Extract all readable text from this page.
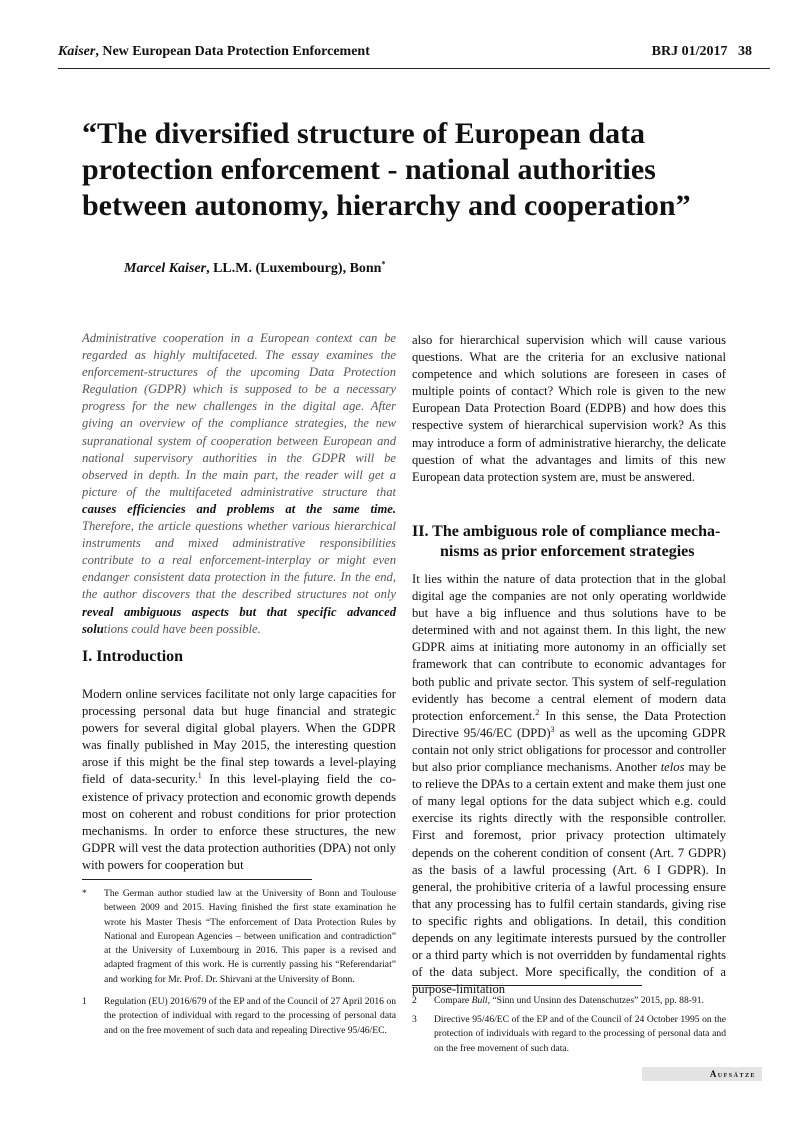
Kaiser, New European Data Protection Enforcement	BRJ 01/2017 38
“The diversified structure of European data protection enforcement - national authorities between autonomy, hierarchy and cooperation”
Marcel Kaiser, LL.M. (Luxembourg), Bonn*

Administrative cooperation in a European context can be regarded as highly multifaceted. The essay examines the enforcement-structures of the upcoming Data Protection Regulation (GDPR) which is supposed to be a necessary progress for the new challenges in the digital age. After giving an overview of the compliance strategies, the new supranational system of cooperation between European and national supervisory authorities in the GDPR will be observed in depth. In the main part, the reader will get a picture of the multifaceted administrative structure that causes efficiencies and problems at the same time. Therefore, the article questions whether various hierarchical instruments and mixed administrative responsibilities contribute to a real enforcement-interplay or might even endanger consistent data protection in the future. In the end, the author discovers that the described structures not only reveal ambiguous aspects but that specific advanced solutions could have been possible.

I. Introduction

Modern online services facilitate not only large capacities for processing personal data but huge financial and strategic powers for several digital global players. When the GDPR was finally published in May 2015, the interesting question arose if this might be the final step towards a level-playing field of data-security.$^1$ In this level-playing field the co-existence of privacy protection and economic growth depends most on coherent and robust conditions for prior protection mechanisms. In order to enforce these structures, the new GDPR will vest the data protection authorities (DPA) not only with powers for cooperation but

also for hierarchical supervision which will cause various questions. What are the criteria for an exclusive national competence and which solutions are foreseen in cases of multiple points of contact? Which role is given to the new European Data Protection Board (EDPB) and how does this respective system of hierarchical supervision work? As this may introduce a form of administrative hierarchy, the delicate question of what the advantages and limits of this new European data protection system are, must be answered.

II. The ambiguous role of compliance mecha-
nisms as prior enforcement strategies

It lies within the nature of data protection that in the global digital age the companies are not only operating worldwide but have a big influence and thus solutions have to be determined with and not against them. In this light, the new GDPR aims at initiating more autonomy in an officially set framework that can contribute to economic advantages for both public and private sector. This system of self-regulation evidently has become a central element of modern data protection enforcement.$^2$ In this sense, the Data Protection Directive 95/46/EC (DPD)$^3$ as well as the upcoming GDPR contain not only strict obligations for processor and controller but also prior compliance mechanisms. Another telos may be to relieve the DPAs to a certain extent and make them just one of many legal options for the data subject which e.g. could exercise its rights directly with the responsible controller. First and foremost, prior privacy protection ultimately depends on the coherent condition of consent (Art. 7 GDPR) as the basis of a lawful processing (Art. 6 I GDPR). In general, the prohibitive criteria of a lawful processing ensure that any processing has to fulfil certain standards, giving rise to specific rights and obligations. In detail, this condition depends on any legitimate interests pursued by the controller or a third party which is not overridden by fundamental rights of the data subject. More specifically, the condition of a purpose-limitation

* The German author studied law at the University of Bonn and Toulouse between 2009 and 2015. Having finished the first state examination he wrote his Master Thesis “The enforcement of Data Protection Rules by National and European Agencies – between unification and contradiction” at the University of Luxembourg in 2016. This paper is a revised and adapted fragment of this work. He is currently passing his “Referendariat” and working for Mr. Prof. Dr. Shirvani at the University of Bonn.
1 Regulation (EU) 2016/679 of the EP and of the Council of 27 April 2016 on the protection of individual with regard to the processing of personal data and on the free movement of such data and repealing Directive 95/46/EC.
2 Compare Bull, “Sinn und Unsinn des Datenschutzes” 2015, pp. 88-91.
3 Directive 95/46/EC of the EP and of the Council of 24 October 1995 on the protection of individuals with regard to the processing of personal data and on the free movement of such data.
Aufsätze
